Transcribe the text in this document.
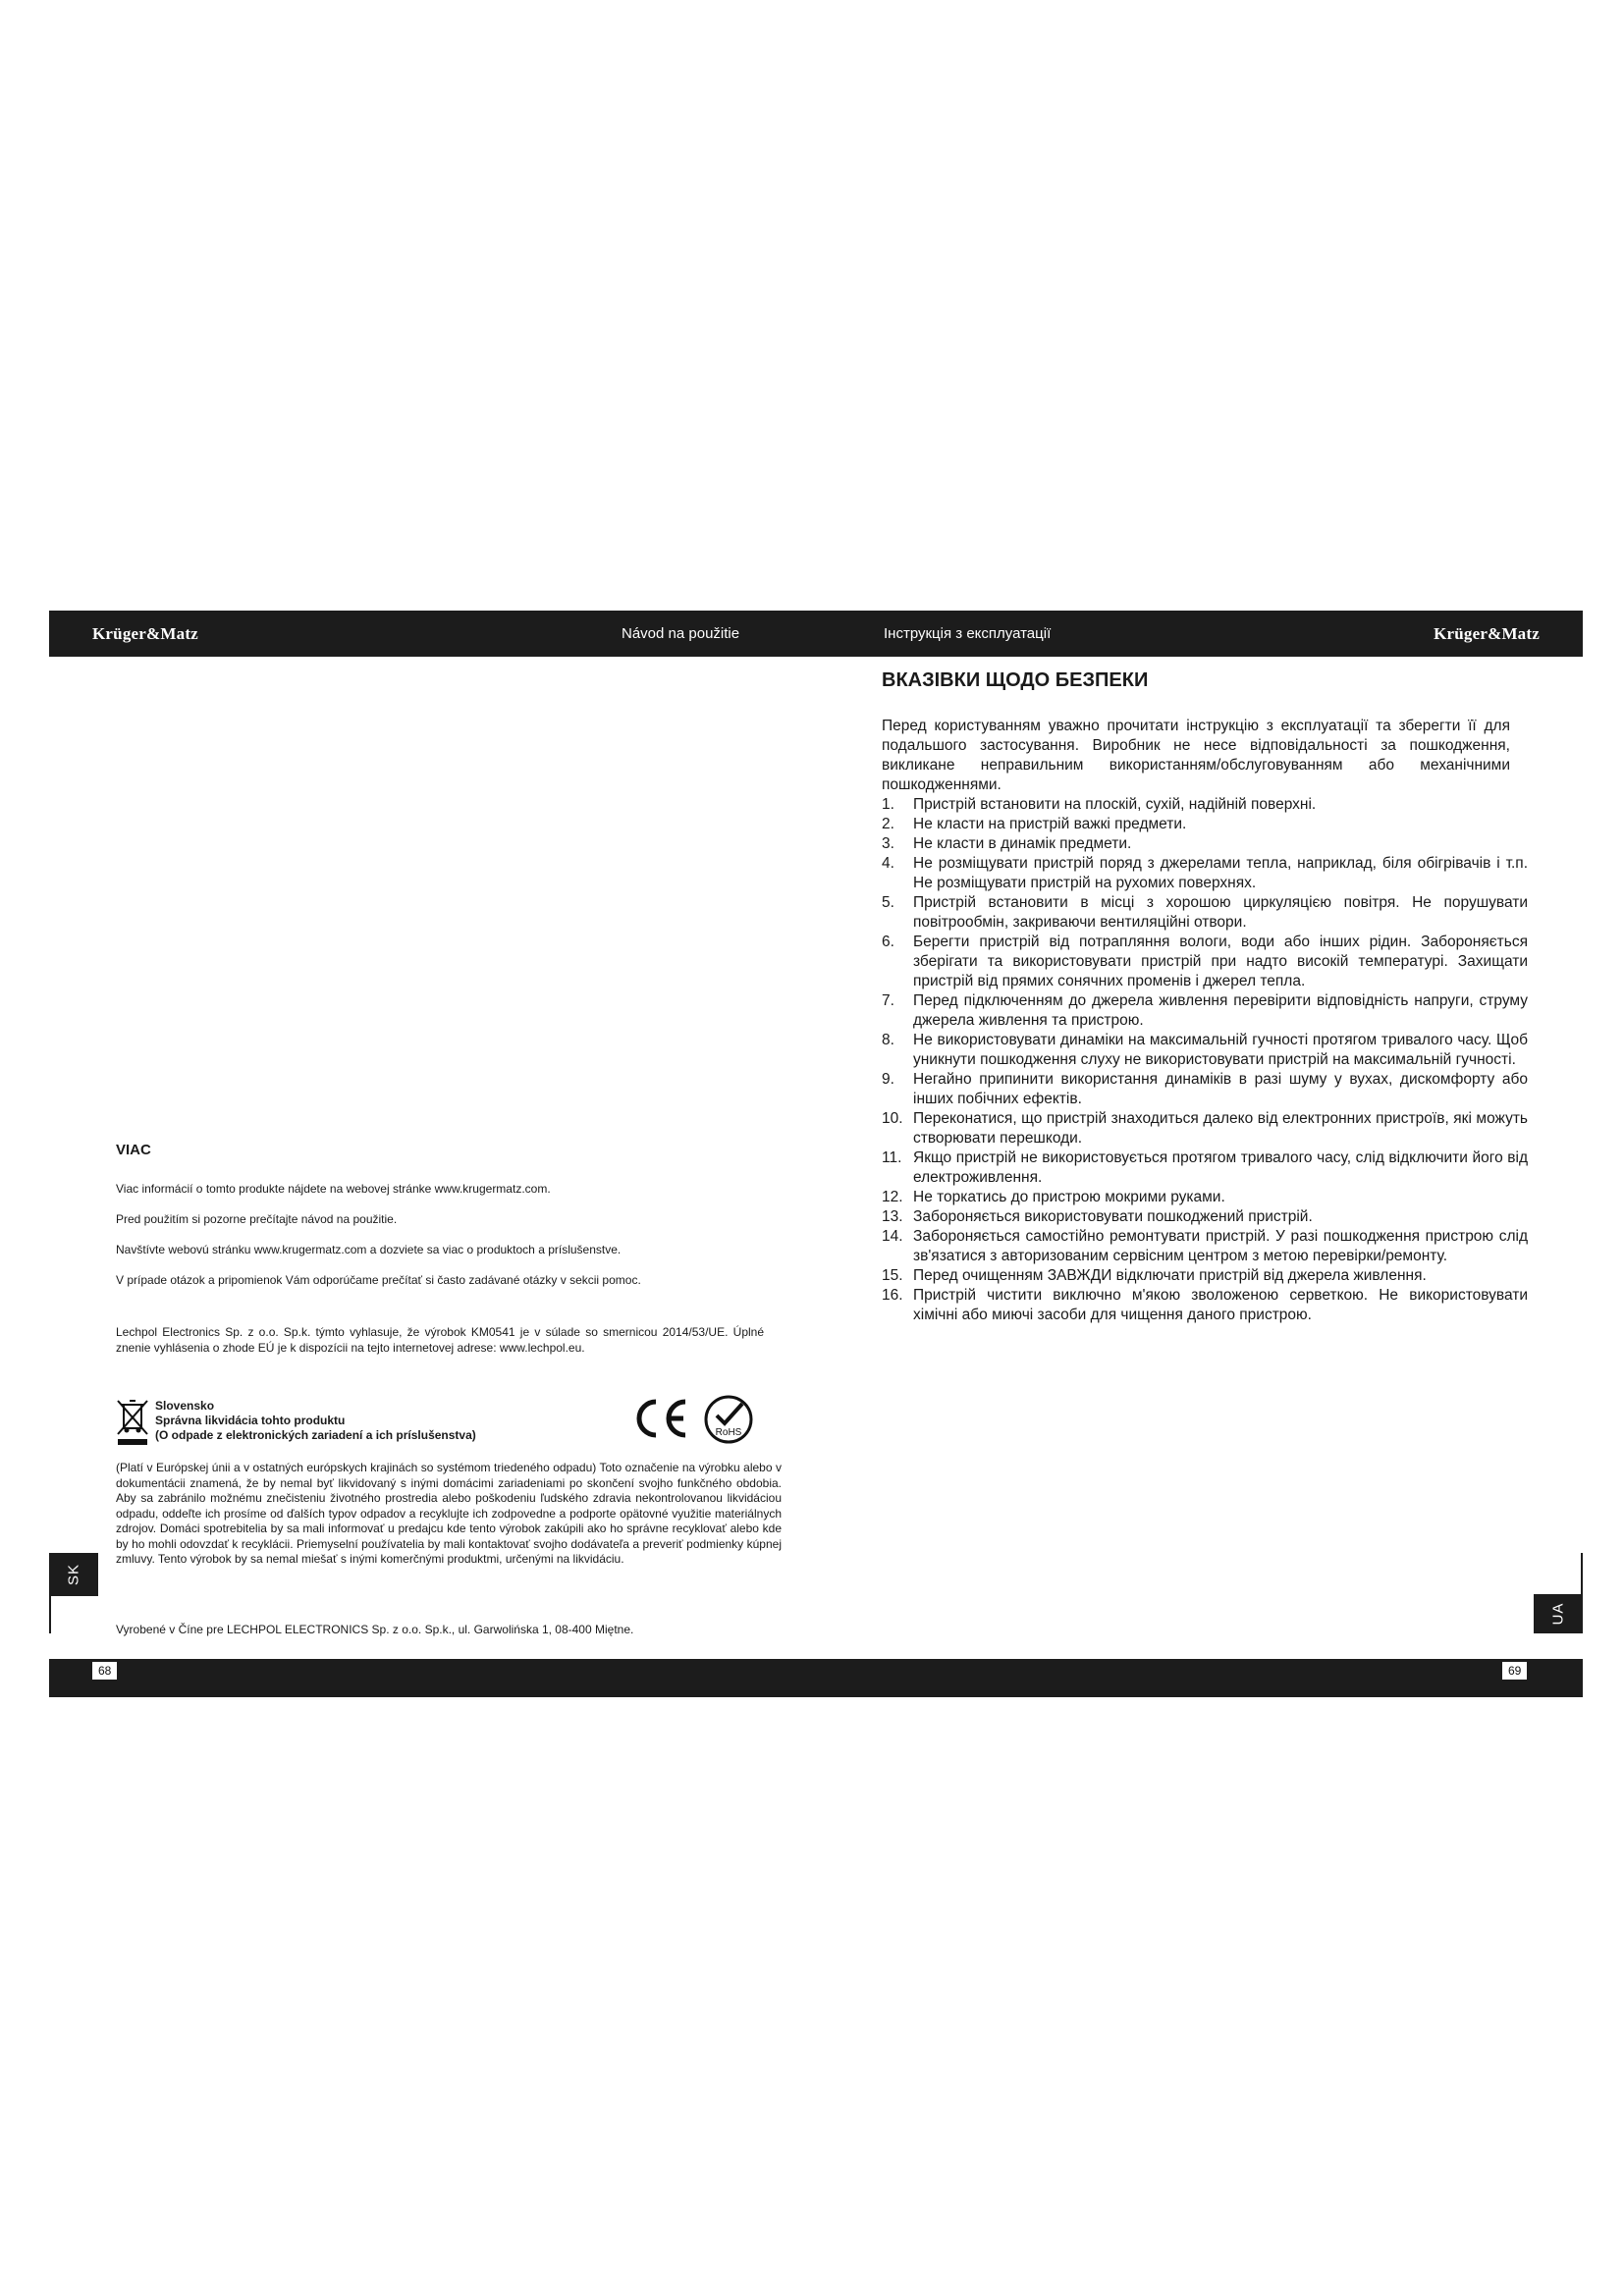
Krüger&Matz	Návod na použitie	Інструкція з експлуатації	Krüger&Matz
VIAC
Viac informácií o tomto produkte nájdete na webovej stránke www.krugermatz.com.
Pred použitím si pozorne prečítajte návod na použitie.
Navštívte webovú stránku www.krugermatz.com a dozviete sa viac o produktoch a príslušenstve.
V prípade otázok a pripomienok Vám odporúčame prečítať si často zadávané otázky v sekcii pomoc.
Lechpol Electronics Sp. z o.o. Sp.k. týmto vyhlasuje, že výrobok KM0541 je v súlade so smernicou 2014/53/UE. Úplné znenie vyhlásenia o zhode EÚ je k dispozícii na tejto internetovej adrese: www.lechpol.eu.
Slovensko
Správna likvidácia tohto produktu
(O odpade z elektronických zariadení a ich príslušenstva)	RoHS
(Platí v Európskej únii a v ostatných európskych krajinách so systémom triedeného odpadu) Toto označenie na výrobku alebo v dokumentácii znamená, že by nemal byť likvidovaný s inými domácimi zariadeniami po skončení svojho funkčného obdobia. Aby sa zabránilo možnému znečisteniu životného prostredia alebo poškodeniu ľudského zdravia nekontrolovanou likvidáciou odpadu, oddeľte ich prosíme od ďalších typov odpadov a recyklujte ich zodpovedne a podporte opätovné využitie materiálnych zdrojov. Domáci spotrebitelia by sa mali informovať u predajcu kde tento výrobok zakúpili ako ho správne recyklovať alebo kde by ho mohli odovzdať k recyklácii. Priemyselní používatelia by mali kontaktovať svojho dodávateľa a preveriť podmienky kúpnej zmluvy. Tento výrobok by sa nemal miešať s inými komerčnými produktmi, určenými na likvidáciu.
Vyrobené v Číne pre LECHPOL ELECTRONICS Sp. z o.o. Sp.k., ul. Garwolińska 1, 08-400 Miętne.
ВКАЗІВКИ ЩОДО БЕЗПЕКИ
Перед користуванням уважно прочитати інструкцію з експлуатації та зберегти її для подальшого застосування. Виробник не несе відповідальності за пошкодження, викликане неправильним використанням/обслуговуванням або механічними пошкодженнями.
1. Пристрій встановити на плоскій, сухій, надійній поверхні.
2. Не класти на пристрій важкі предмети.
3. Не класти в динамік предмети.
4. Не розміщувати пристрій поряд з джерелами тепла, наприклад, біля обігрівачів і т.п. Не розміщувати пристрій на рухомих поверхнях.
5. Пристрій встановити в місці з хорошою циркуляцією повітря. Не порушувати повітрообмін, закриваючи вентиляційні отвори.
6. Берегти пристрій від потрапляння вологи, води або інших рідин. Забороняється зберігати та використовувати пристрій при надто високій температурі. Захищати пристрій від прямих сонячних променів і джерел тепла.
7. Перед підключенням до джерела живлення перевірити відповідність напруги, струму джерела живлення та пристрою.
8. Не використовувати динаміки на максимальній гучності протягом тривалого часу. Щоб уникнути пошкодження слуху не використовувати пристрій на максимальній гучності.
9. Негайно припинити використання динаміків в разі шуму у вухах, дискомфорту або інших побічних ефектів.
10. Переконатися, що пристрій знаходиться далеко від електронних пристроїв, які можуть створювати перешкоди.
11. Якщо пристрій не використовується протягом тривалого часу, слід відключити його від електроживлення.
12. Не торкатись до пристрою мокрими руками.
13. Забороняється використовувати пошкоджений пристрій.
14. Забороняється самостійно ремонтувати пристрій. У разі пошкодження пристрою слід зв'язатися з авторизованим сервісним центром з метою перевірки/ремонту.
15. Перед очищенням ЗАВЖДИ відключати пристрій від джерела живлення.
16. Пристрій чистити виключно м'якою зволоженою серветкою. Не використовувати хімічні або миючі засоби для чищення даного пристрою.
SK
UA
68	69
